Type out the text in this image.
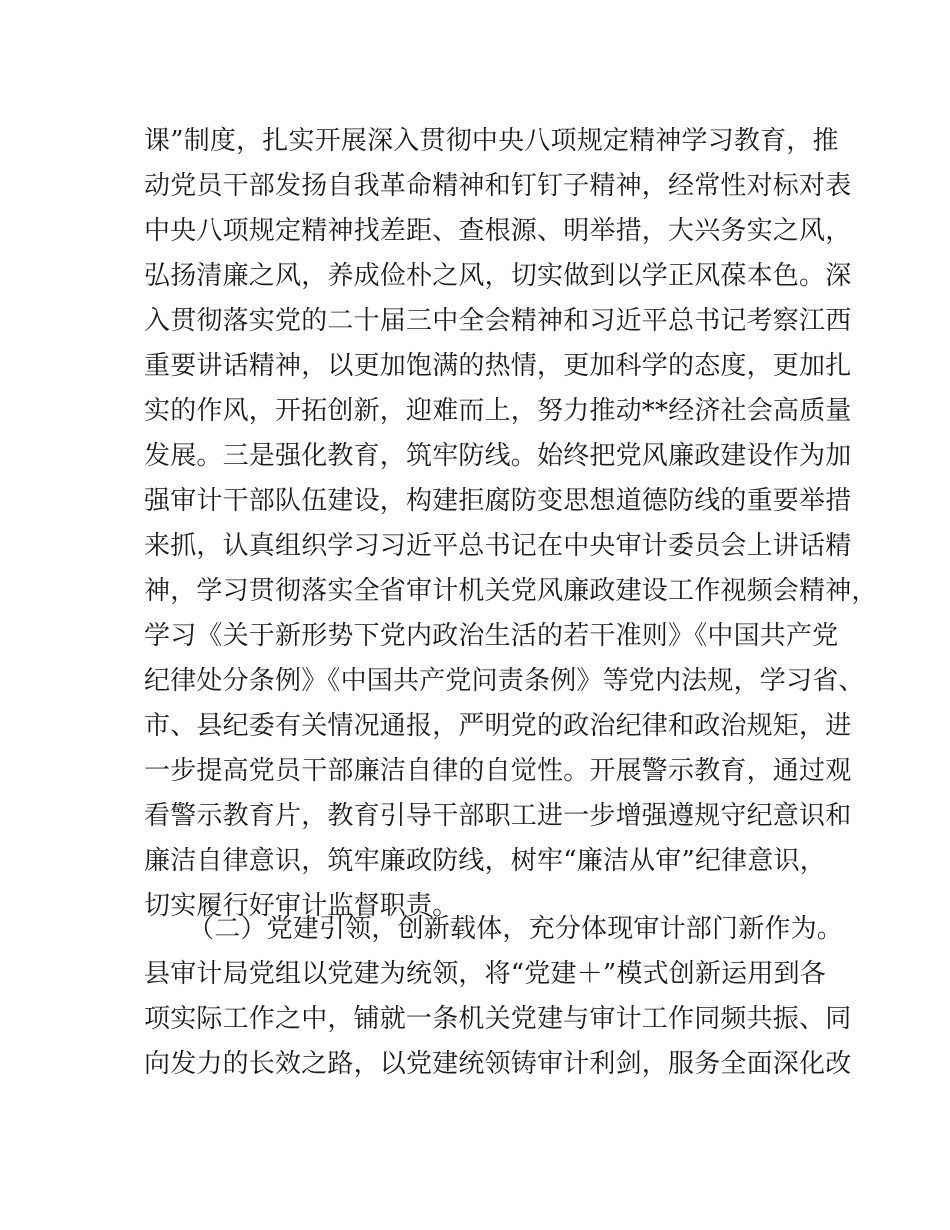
课”制度，扎实开展深入贯彻中央八项规定精神学习教育，推
动党员干部发扬自我革命精神和钉钉子精神，经常性对标对表
中央八项规定精神找差距、查根源、明举措，大兴务实之风，
弘扬清廉之风，养成俭朴之风，切实做到以学正风葆本色。深
入贯彻落实党的二十届三中全会精神和习近平总书记考察江西
重要讲话精神，以更加饱满的热情，更加科学的态度，更加扎
实的作风，开拓创新，迎难而上，努力推动**经济社会高质量
发展。三是强化教育，筑牢防线。始终把党风廉政建设作为加
强审计干部队伍建设，构建拒腐防变思想道德防线的重要举措
来抓，认真组织学习习近平总书记在中央审计委员会上讲话精
神，学习贯彻落实全省审计机关党风廉政建设工作视频会精神，
学习《关于新形势下党内政治生活的若干准则》《中国共产党
纪律处分条例》《中国共产党问责条例》等党内法规，学习省、
市、县纪委有关情况通报，严明党的政治纪律和政治规矩，进
一步提高党员干部廉洁自律的自觉性。开展警示教育，通过观
看警示教育片，教育引导干部职工进一步增强遵规守纪意识和
廉洁自律意识，筑牢廉政防线，树牢“廉洁从审”纪律意识，
切实履行好审计监督职责。
（二）党建引领，创新载体，充分体现审计部门新作为。
县审计局党组以党建为统领，将“党建＋”模式创新运用到各
项实际工作之中，铺就一条机关党建与审计工作同频共振、同
向发力的长效之路，以党建统领铸审计利剑，服务全面深化改
